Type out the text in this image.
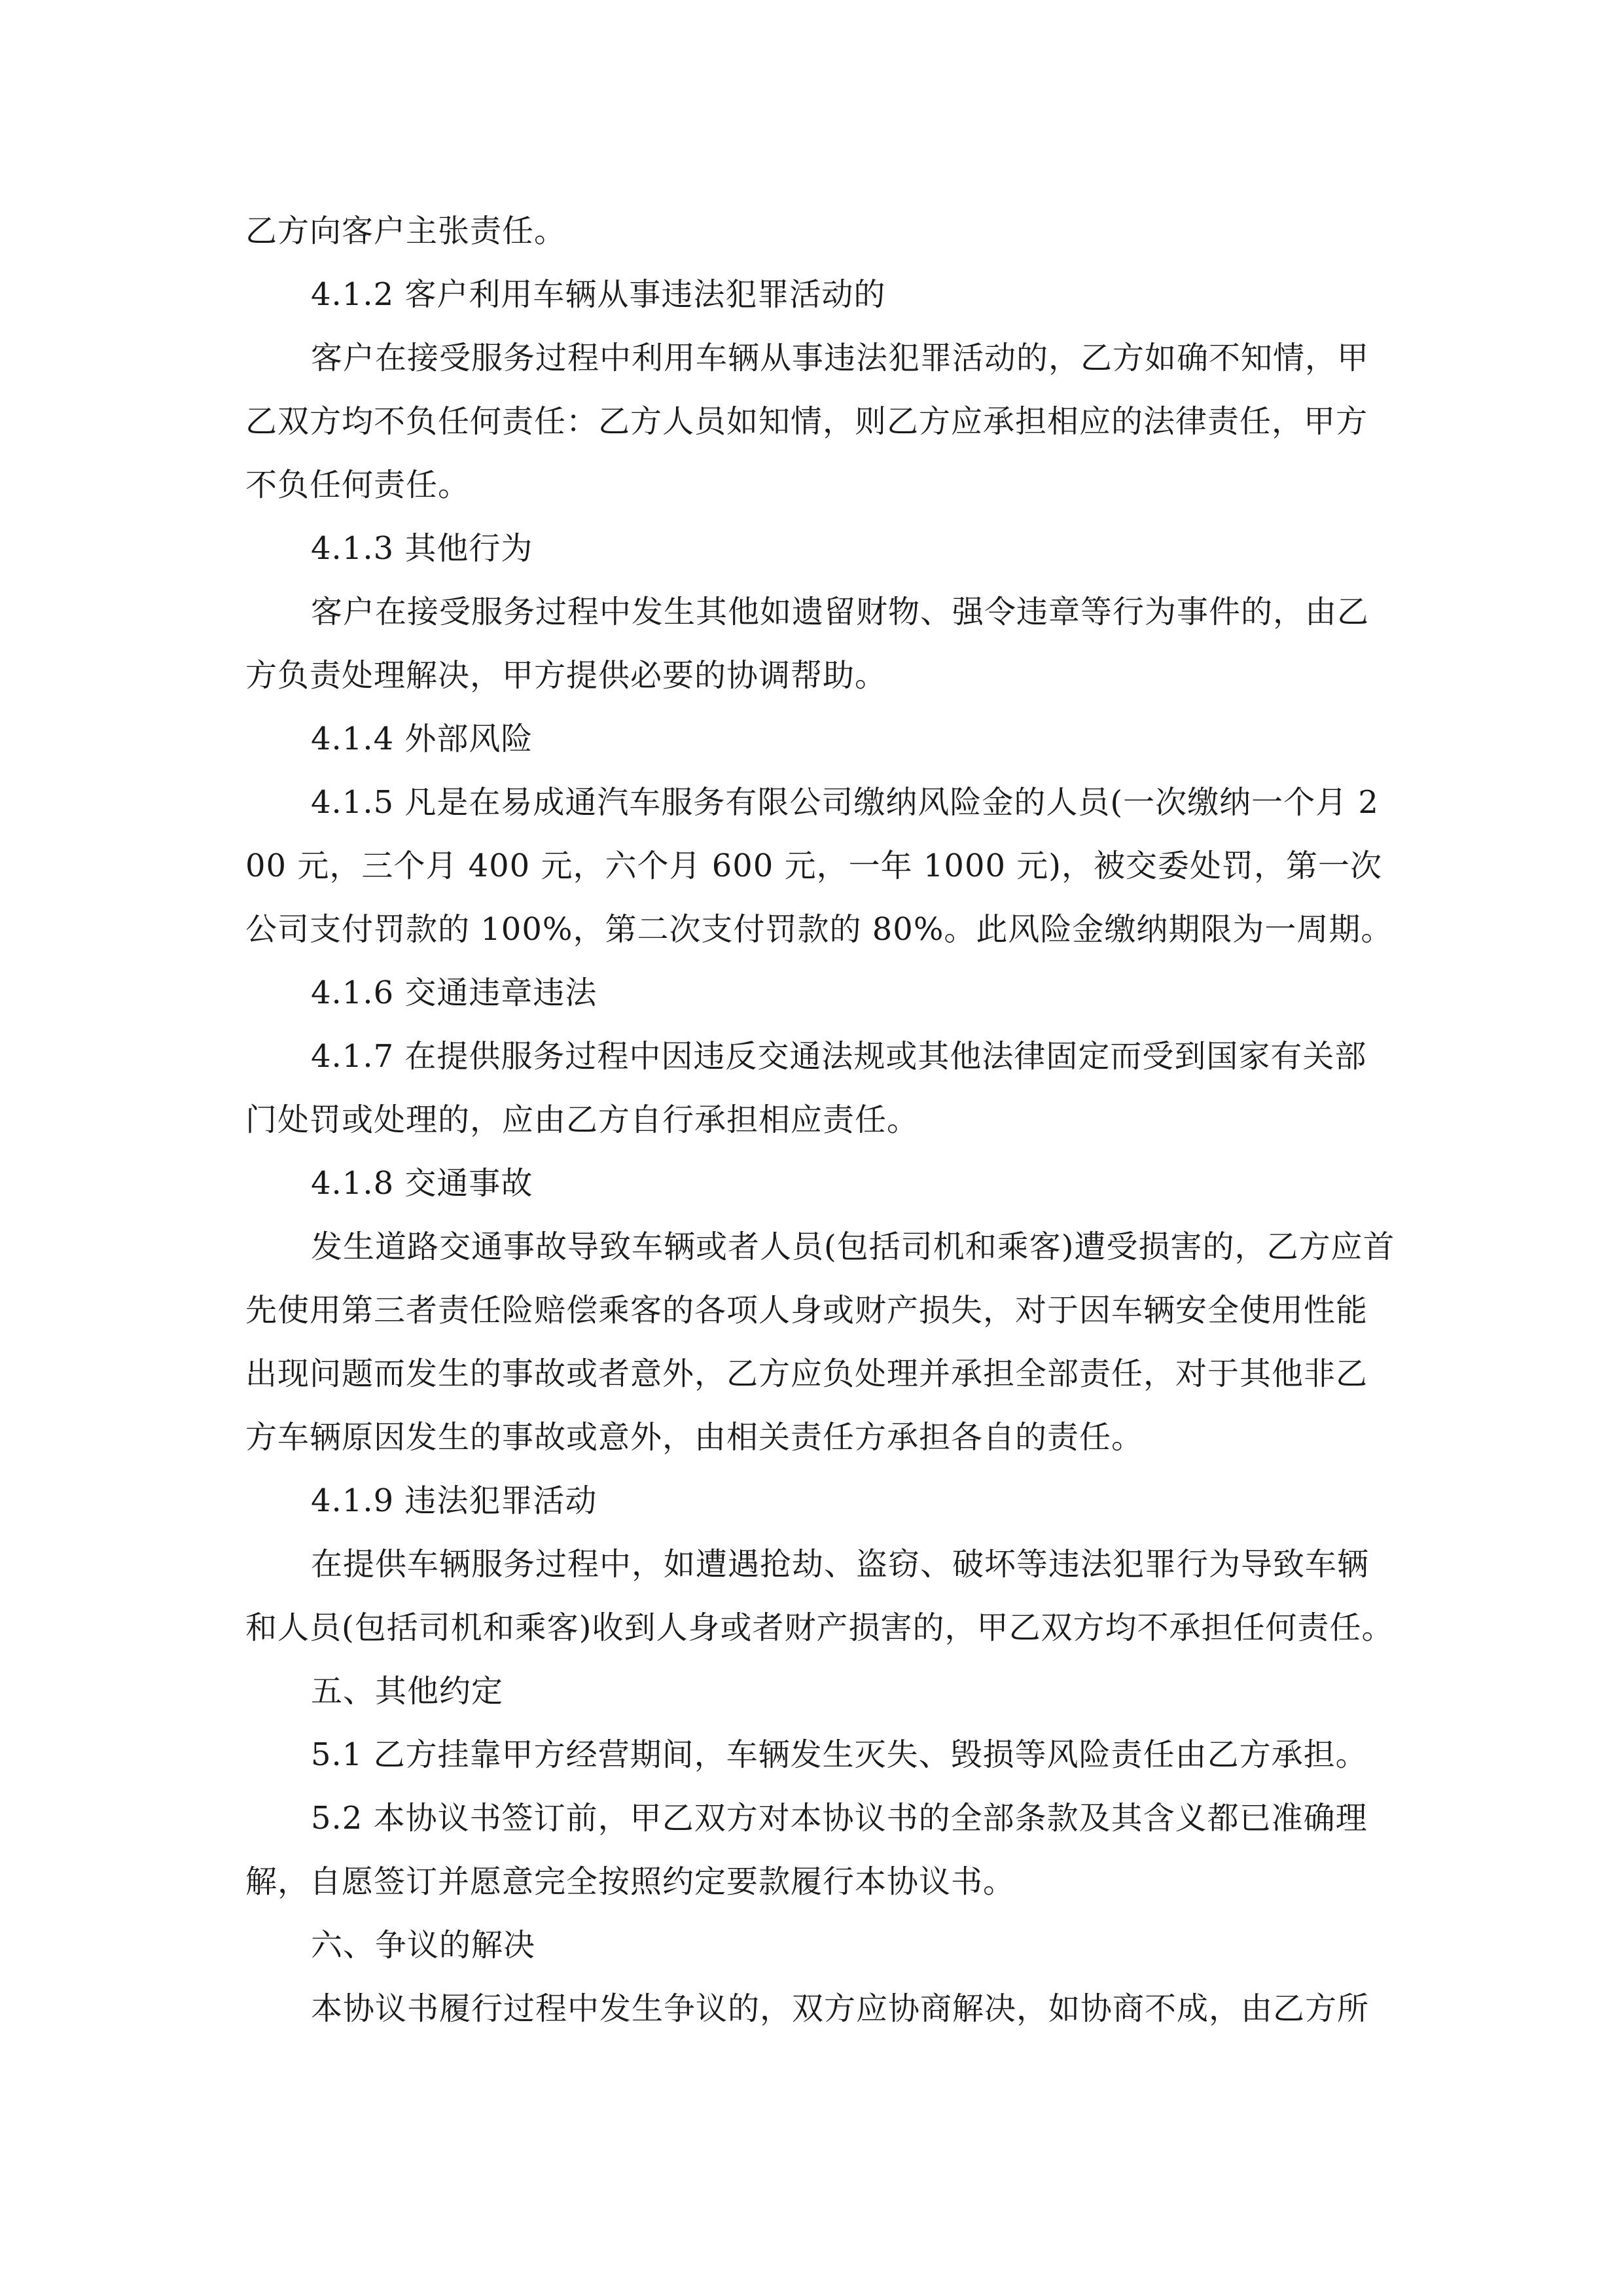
乙方向客户主张责任。

4.1.2 客户利用车辆从事违法犯罪活动的

客户在接受服务过程中利用车辆从事违法犯罪活动的，乙方如确不知情，甲乙双方均不负任何责任：乙方人员如知情，则乙方应承担相应的法律责任，甲方不负任何责任。

4.1.3 其他行为

客户在接受服务过程中发生其他如遗留财物、强令违章等行为事件的，由乙方负责处理解决，甲方提供必要的协调帮助。

4.1.4 外部风险

4.1.5 凡是在易成通汽车服务有限公司缴纳风险金的人员(一次缴纳一个月 200 元，三个月 400 元，六个月 600 元，一年 1000 元)，被交委处罚，第一次公司支付罚款的 100%，第二次支付罚款的 80%。此风险金缴纳期限为一周期。

4.1.6 交通违章违法

4.1.7 在提供服务过程中因违反交通法规或其他法律固定而受到国家有关部门处罚或处理的，应由乙方自行承担相应责任。

4.1.8 交通事故

发生道路交通事故导致车辆或者人员(包括司机和乘客)遭受损害的，乙方应首先使用第三者责任险赔偿乘客的各项人身或财产损失，对于因车辆安全使用性能出现问题而发生的事故或者意外，乙方应负处理并承担全部责任，对于其他非乙方车辆原因发生的事故或意外，由相关责任方承担各自的责任。

4.1.9 违法犯罪活动

在提供车辆服务过程中，如遭遇抢劫、盗窃、破坏等违法犯罪行为导致车辆和人员(包括司机和乘客)收到人身或者财产损害的，甲乙双方均不承担任何责任。

五、其他约定

5.1 乙方挂靠甲方经营期间，车辆发生灭失、毁损等风险责任由乙方承担。

5.2 本协议书签订前，甲乙双方对本协议书的全部条款及其含义都已准确理解，自愿签订并愿意完全按照约定要款履行本协议书。

六、争议的解决

本协议书履行过程中发生争议的，双方应协商解决，如协商不成，由乙方所
